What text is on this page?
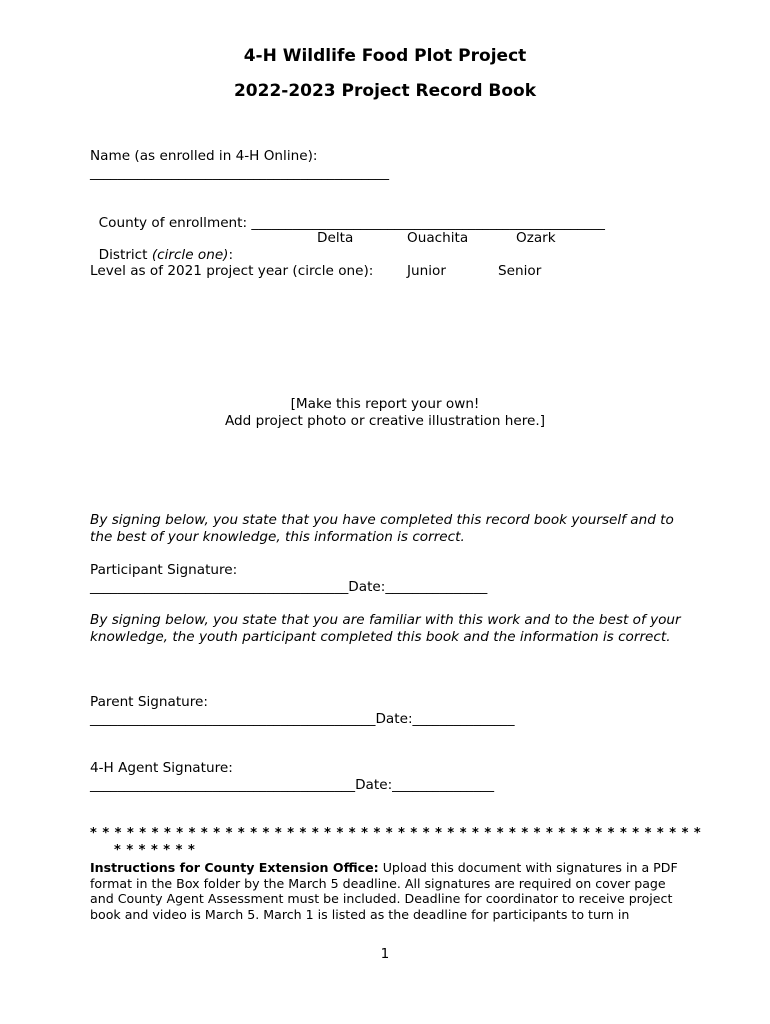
4-H Wildlife Food Plot Project
2022-2023 Project Record Book
Name (as enrolled in 4-H Online):
____________________________________________

County of enrollment: ____________________________________________________

District (circle one):

Delta	Ouachita	Ozark
Level as of 2021 project year (circle one): Junior	Senior
[Make this report your own!
Add project photo or creative illustration here.]
By signing below, you state that you have completed this record book yourself and to the best of your knowledge, this information is correct.
Participant Signature:
______________________________________Date:_______________
By signing below, you state that you are familiar with this work and to the best of your knowledge, the youth participant completed this book and the information is correct.
Parent Signature:
__________________________________________Date:_______________
4-H Agent Signature:
_______________________________________Date:_______________
* * * * * * * * * * * * * * * * * * * * * * * * * * * * * * * * * * * * * * * * * * * * * * * * * *
* * * * * * *
Instructions for County Extension Office: Upload this document with signatures in a PDF format in the Box folder by the March 5 deadline. All signatures are required on cover page and County Agent Assessment must be included. Deadline for coordinator to receive project book and video is March 5. March 1 is listed as the deadline for participants to turn in
1
